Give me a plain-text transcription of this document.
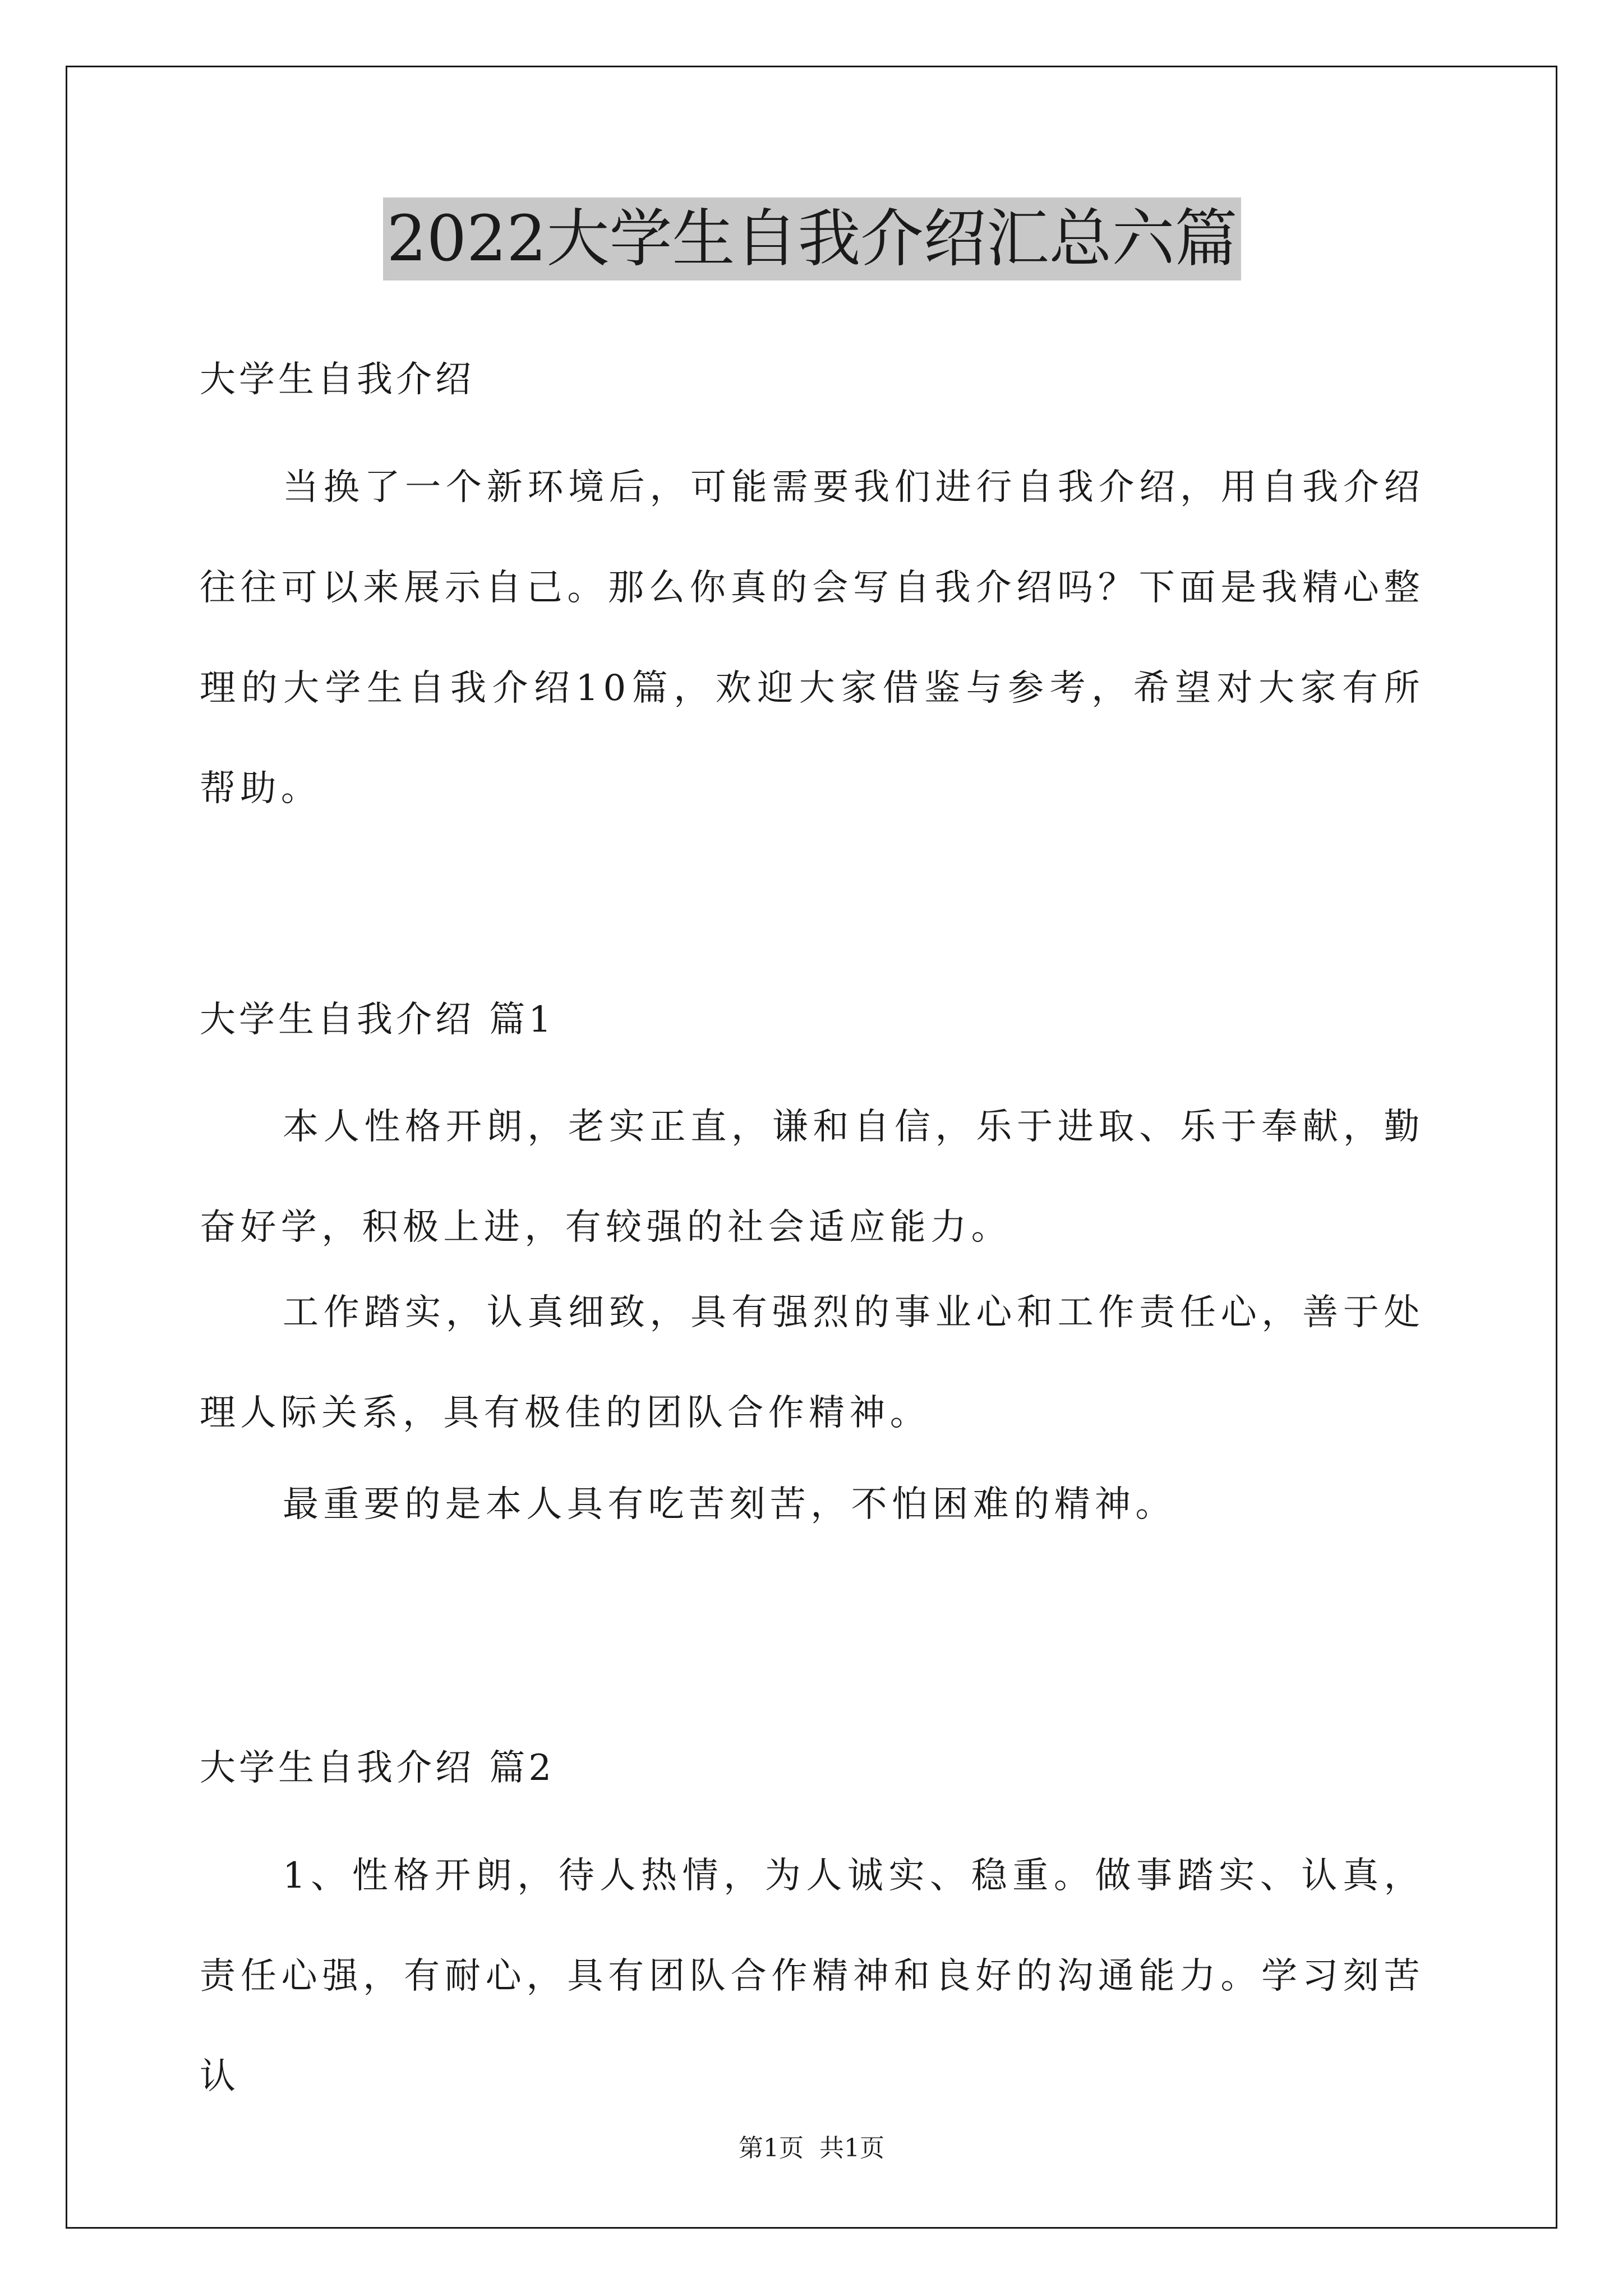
2022大学生自我介绍汇总六篇
大学生自我介绍
当换了一个新环境后，可能需要我们进行自我介绍，用自我介绍往往可以来展示自己。那么你真的会写自我介绍吗？下面是我精心整理的大学生自我介绍10篇，欢迎大家借鉴与参考，希望对大家有所帮助。
大学生自我介绍 篇1
本人性格开朗，老实正直，谦和自信，乐于进取、乐于奉献，勤奋好学，积极上进，有较强的社会适应能力。
工作踏实，认真细致，具有强烈的事业心和工作责任心，善于处理人际关系，具有极佳的团队合作精神。
最重要的是本人具有吃苦刻苦，不怕困难的精神。
大学生自我介绍 篇2
1、性格开朗，待人热情，为人诚实、稳重。做事踏实、认真，责任心强，有耐心，具有团队合作精神和良好的沟通能力。学习刻苦认
第1页  共1页
